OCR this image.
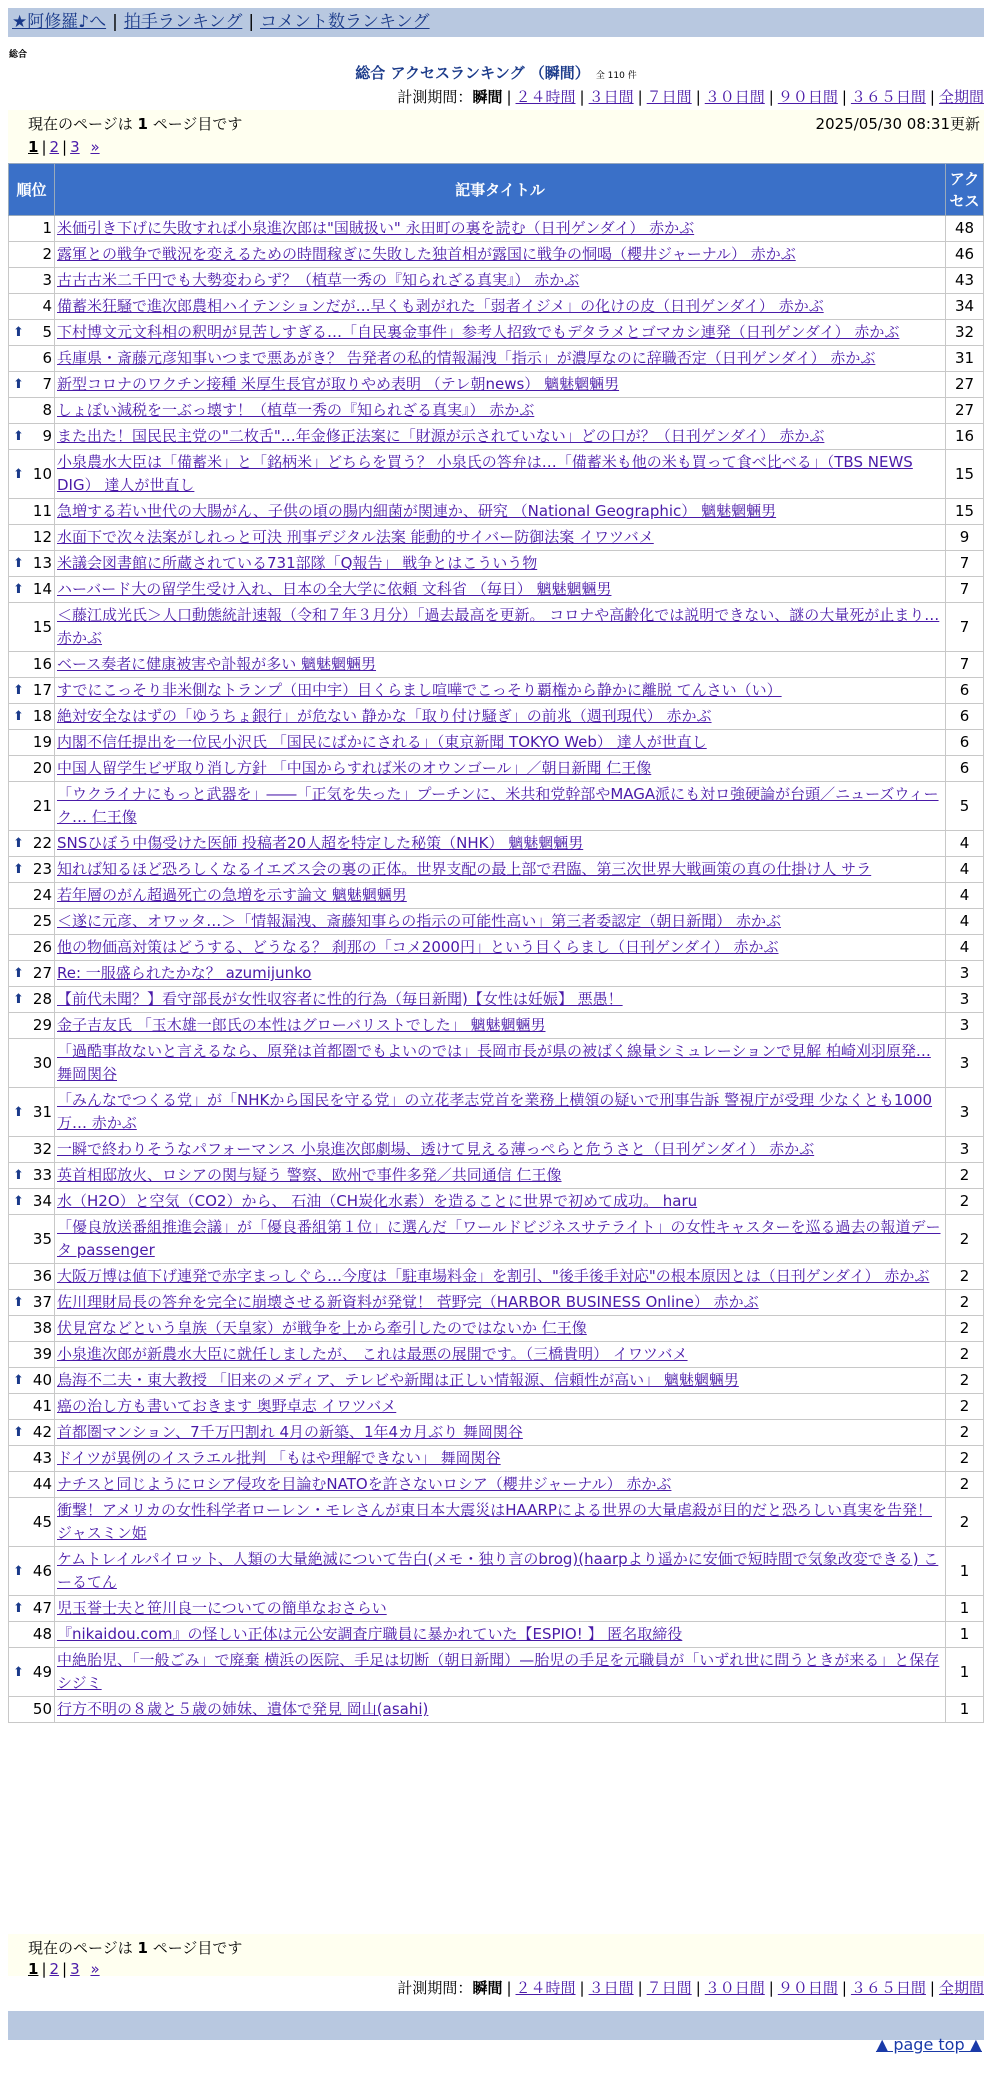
★阿修羅♪へ | 拍手ランキング | コメント数ランキング
総合
総合 アクセスランキング （瞬間） 全 110 件
計測期間：瞬間 | ２４時間 | ３日間 | ７日間 | ３０日間 | ９０日間 | ３６５日間 | 全期間
現在のページは 1 ページ目です	2025/05/30 08:31更新
1 | 2 | 3 »
順位	記事タイトル	アクセス
1	米価引き下げに失敗すれば小泉進次郎は"国賊扱い" 永田町の裏を読む（日刊ゲンダイ） 赤かぶ	48
2	露軍との戦争で戦況を変えるための時間稼ぎに失敗した独首相が露国に戦争の恫喝（櫻井ジャーナル） 赤かぶ	46
3	古古古米二千円でも大勢変わらず？（植草一秀の『知られざる真実』） 赤かぶ	43
4	備蓄米狂騒で進次郎農相ハイテンションだが…早くも剥がれた「弱者イジメ」の化けの皮（日刊ゲンダイ） 赤かぶ	34

⬆ 5	下村博文元文科相の釈明が見苦しすぎる…「自民裏金事件」参考人招致でもデタラメとゴマカシ連発（日刊ゲンダイ） 赤かぶ	32
6	兵庫県・斎藤元彦知事いつまで悪あがき？ 告発者の私的情報漏洩「指示」が濃厚なのに辞職否定（日刊ゲンダイ） 赤かぶ	31

⬆ 7	新型コロナのワクチン接種 米厚生長官が取りやめ表明 （テレ朝news） 魑魅魍魎男	27
8	しょぼい減税を一ぶっ壊す！（植草一秀の『知られざる真実』） 赤かぶ	27

⬆ 9	また出た！国民民主党の"二枚舌"…年金修正法案に「財源が示されていない」どの口が？（日刊ゲンダイ） 赤かぶ	16

⬆ 10	小泉農水大臣は「備蓄米」と「銘柄米」どちらを買う？ 小泉氏の答弁は…「備蓄米も他の米も買って食べ比べる」（TBS NEWS DIG） 達人が世直し	15
11	急増する若い世代の大腸がん、子供の頃の腸内細菌が関連か、研究 （National Geographic） 魑魅魍魎男	15
12	水面下で次々法案がしれっと可決 刑事デジタル法案 能動的サイバー防御法案 イワツバメ	9

⬆ 13	米議会図書館に所蔵されている731部隊「Q報告」 戦争とはこういう物	7

⬆ 14	ハーバード大の留学生受け入れ、日本の全大学に依頼 文科省 （毎日） 魑魅魍魎男	7
15	＜藤江成光氏＞人口動態統計速報（令和７年３月分）「過去最高を更新。 コロナや高齢化では説明できない、謎の大量死が止まり… 赤かぶ	7
16	ベース奏者に健康被害や訃報が多い 魑魅魍魎男	7

⬆ 17	すでにこっそり非米側なトランプ（田中宇）目くらまし喧嘩でこっそり覇権から静かに離脱 てんさい（い）	6

⬆ 18	絶対安全なはずの「ゆうちょ銀行」が危ない 静かな「取り付け騒ぎ」の前兆（週刊現代） 赤かぶ	6
19	内閣不信任提出を一位民小沢氏 「国民にばかにされる」（東京新聞 TOKYO Web） 達人が世直し	6
20	中国人留学生ビザ取り消し方針 「中国からすれば米のオウンゴール」／朝日新聞 仁王像	6
21	「ウクライナにもっと武器を」――「正気を失った」プーチンに、米共和党幹部やMAGA派にも対ロ強硬論が台頭／ニューズウィーク… 仁王像	5

⬆ 22	SNSひぼう中傷受けた医師 投稿者20人超を特定した秘策（NHK） 魑魅魍魎男	4

⬆ 23	知れば知るほど恐ろしくなるイエズス会の裏の正体。世界支配の最上部で君臨、第三次世界大戦画策の真の仕掛け人 サラ	4
24	若年層のがん超過死亡の急増を示す論文 魑魅魍魎男	4
25	＜遂に元彦、オワッタ…＞「情報漏洩、斎藤知事らの指示の可能性高い」第三者委認定（朝日新聞） 赤かぶ	4
26	他の物価高対策はどうする、どうなる？ 刹那の「コメ2000円」という目くらまし（日刊ゲンダイ） 赤かぶ	4

⬆ 27	Re: 一服盛られたかな？ azumijunko	3

⬆ 28	【前代未聞？】看守部長が女性収容者に性的行為（毎日新聞)【女性は妊娠】 悪愚！	3
29	金子吉友氏 「玉木雄一郎氏の本性はグローバリストでした」 魑魅魍魎男	3
30	「過酷事故ないと言えるなら、原発は首都圏でもよいのでは」長岡市長が県の被ばく線量シミュレーションで見解 柏崎刈羽原発… 舞岡関谷	3

⬆ 31	「みんなでつくる党」が「NHKから国民を守る党」の立花孝志党首を業務上横領の疑いで刑事告訴 警視庁が受理 少なくとも1000万… 赤かぶ	3
32	一瞬で終わりそうなパフォーマンス 小泉進次郎劇場、透けて見える薄っぺらと危うさと（日刊ゲンダイ） 赤かぶ	3

⬆ 33	英首相邸放火、ロシアの関与疑う 警察、欧州で事件多発／共同通信 仁王像	2

⬆ 34	水（H2O）と空気（CO2）から、 石油（CH炭化水素）を造ることに世界で初めて成功。 haru	2
35	「優良放送番組推進会議」が「優良番組第１位」に選んだ「ワールドビジネスサテライト」の女性キャスターを巡る過去の報道データ passenger	2
36	大阪万博は値下げ連発で赤字まっしぐら…今度は「駐車場料金」を割引、"後手後手対応"の根本原因とは（日刊ゲンダイ） 赤かぶ	2

⬆ 37	佐川理財局長の答弁を完全に崩壊させる新資料が発覚！ 菅野完（HARBOR BUSINESS Online） 赤かぶ	2
38	伏見宮などという皇族（天皇家）が戦争を上から牽引したのではないか 仁王像	2
39	小泉進次郎が新農水大臣に就任しましたが、 これは最悪の展開です。（三橋貴明） イワツバメ	2

⬆ 40	鳥海不二夫・東大教授 「旧来のメディア、テレビや新聞は正しい情報源、信頼性が高い」 魑魅魍魎男	2
41	癌の治し方も書いておきます 奥野卓志 イワツバメ	2

⬆ 42	首都圏マンション、7千万円割れ 4月の新築、1年4カ月ぶり 舞岡関谷	2
43	ドイツが異例のイスラエル批判 「もはや理解できない」 舞岡関谷	2
44	ナチスと同じようにロシア侵攻を目論むNATOを許さないロシア（櫻井ジャーナル） 赤かぶ	2
45	衝撃！アメリカの女性科学者ローレン・モレさんが東日本大震災はHAARPによる世界の大量虐殺が目的だと恐ろしい真実を告発！ ジャスミン姫	2

⬆ 46	ケムトレイルパイロット、人類の大量絶滅について告白(メモ・独り言のbrog)(haarpより遥かに安価で短時間で気象改変できる) こーるてん	1

⬆ 47	児玉誉士夫と笹川良一についての簡単なおさらい	1
48	『nikaidou.com』の怪しい正体は元公安調査庁職員に暴かれていた【ESPIO! 】 匿名取締役	1

⬆ 49	中絶胎児、「一般ごみ」で廃棄 横浜の医院、手足は切断（朝日新聞）—胎児の手足を元職員が「いずれ世に問うときが来る」と保存 シジミ	1
50	行方不明の８歳と５歳の姉妹、遺体で発見 岡山(asahi)	1
現在のページは 1 ページ目です
1 | 2 | 3 »
計測期間：瞬間 | ２４時間 | ３日間 | ７日間 | ３０日間 | ９０日間 | ３６５日間 | 全期間
▲ page top ▲
